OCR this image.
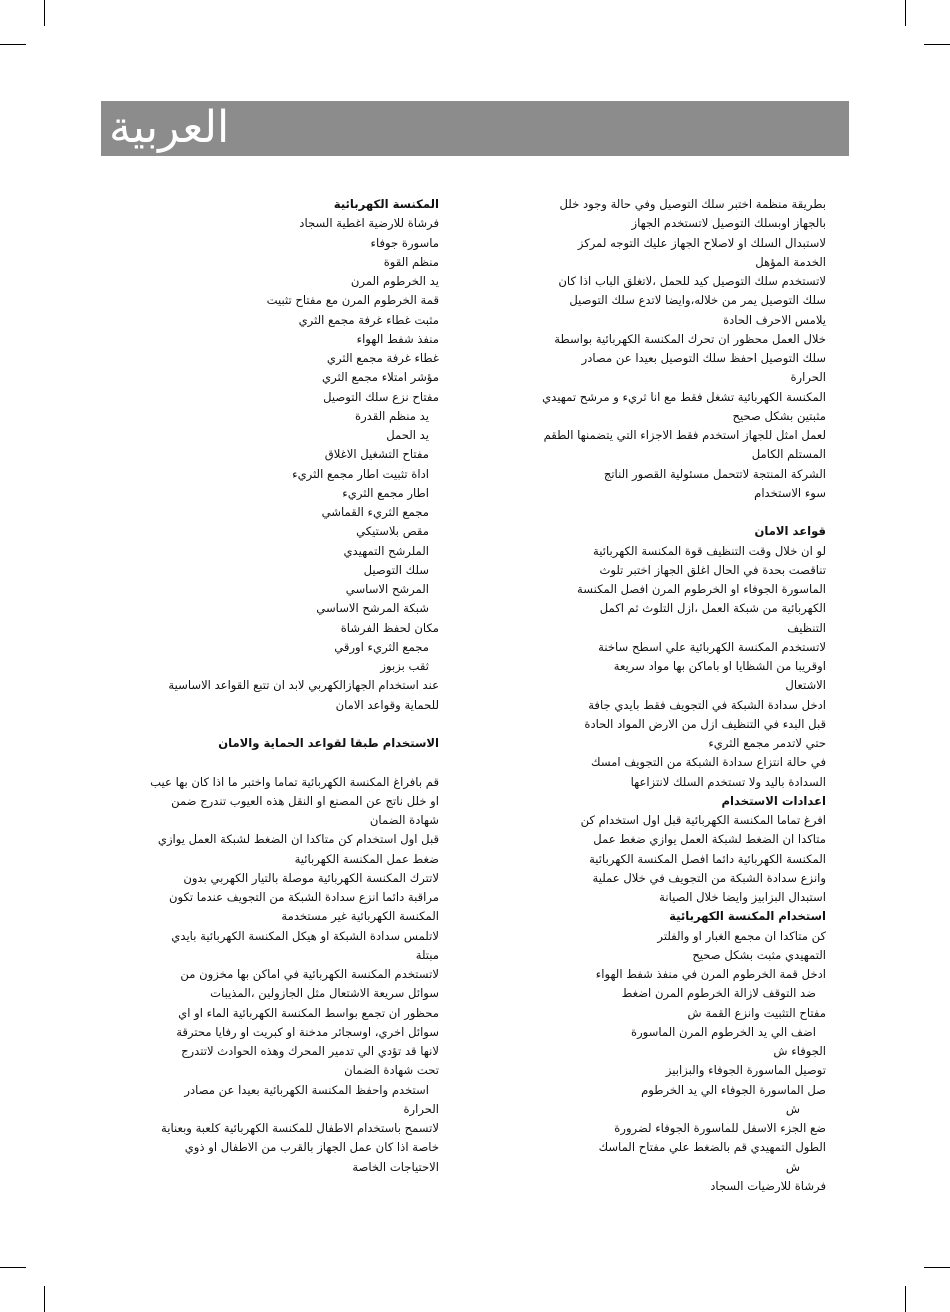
العربية

المكنسة الكهربائية

فرشاة للارضية اغطية السجاد

ماسورة جوفاء

منظم القوة

يد الخرطوم المرن

قمة الخرطوم المرن مع مفتاح تثبيت

مثبت غطاء غرفة مجمع الثري

منفذ شفط الهواء

غطاء غرفة مجمع الثري

مؤشر امتلاء مجمع الثري

مفتاح نزع سلك التوصيل

يد منظم القدرة

يد الحمل

مفتاح التشغيل الاغلاق

اداة تثبيت اطار مجمع الثريء

اطار مجمع الثريء

مجمع الثريء القماشي

مقص بلاستيكي

الملرشح التمهيدي

سلك التوصيل

المرشح الاساسي

شبكة المرشح الاساسي

مكان لحفظ الفرشاة

مجمع الثريء اورقي

ثقب بزبوز

عند استخدام الجهازالكهربي لابد ان تتبع القواعد الاساسية

للحماية وقواعد الامان

الاستخدام طبقا لقواعد الحماية والامان

قم بافراغ المكنسة الكهربائية تماما واختبر ما اذا كان بها عيب

او خلل ناتج عن المصنع او النقل هذه العيوب تندرج ضمن

شهادة الضمان

قبل اول استخدام كن متاكدا ان الضغط لشبكة العمل يوازي

ضغط عمل المكنسة الكهربائية

لاتترك المكنسة الكهربائية موصلة بالتيار الكهربي بدون

مراقبة دائما انزع سدادة الشبكة من التجويف عندما تكون

المكنسة الكهربائية غير مستخدمة

لاتلمس سدادة الشبكة او هيكل المكنسة الكهربائية بايدي

مبتلة

لاتستخدم المكنسة الكهربائية في اماكن بها مخزون من

سوائل سريعة الاشتعال مثل الجازولين ،المذيبات

محظور ان تجمع بواسط المكنسة الكهربائية الماء او اي

سوائل اخري، اوسجائر مدخنة او كبريت او رفايا محترقة

لانها قد تؤدي الي تدمير المحرك وهذه الحوادث لاتتدرج

تحت شهادة الضمان

استخدم واحفظ المكنسة الكهربائية بعيدا عن مصادر

الحرارة

لاتسمح باستخدام الاطفال للمكنسة الكهربائية كلعبة وبعناية

خاصة اذا كان عمل الجهاز بالقرب من الاطفال او ذوي

الاحتياجات الخاصة

بطريقة منظمة اختبر سلك التوصيل وفي حالة وجود خلل

بالجهاز اوبسلك التوصيل لاتستخدم الجهاز

لاستبدال السلك او لاصلاح الجهاز عليك التوجه لمركز

الخدمة المؤهل

لاتستخدم سلك التوصيل كيد للحمل ،لاتغلق الباب اذا كان

سلك التوصيل يمر من خلاله،وايضا لاتدع سلك التوصيل

يلامس الاحرف الحادة

خلال العمل محظور ان تحرك المكنسة الكهربائية بواسطة

سلك التوصيل احفظ سلك التوصيل بعيدا عن مصادر

الحرارة

المكنسة الكهربائية تشغل فقط مع انا ثريء و مرشح تمهيدي

مثبتين بشكل صحيح

لعمل امثل للجهاز استخدم فقط الاجزاء التي يتضمنها الطقم

المستلم الكامل

الشركة المنتجة لاتتحمل مسئولية القصور الناتج

سوء الاستخدام

قواعد الامان

لو ان خلال وقت التنظيف قوة المكنسة الكهربائية

تناقصت بحدة في الحال اغلق الجهاز اختبر تلوث

الماسورة الجوفاء او الخرطوم المرن افصل المكنسة

الكهربائية من شبكة العمل ،ازل التلوث ثم اكمل

التنظيف

لاتستخدم المكنسة الكهربائية علي اسطح ساخنة

اوقريبا من الشظايا او باماكن بها مواد سريعة

الاشتعال

ادخل سدادة الشبكة في التجويف فقط بايدي جافة

قبل البدء في التنظيف ازل من الارض المواد الحادة

حتي لاتدمر مجمع الثريء

في حالة انتزاع سدادة الشبكة من التجويف امسك

السدادة باليد ولا تستخدم السلك لانتزاعها

اعدادات الاستخدام

افرغ تماما المكنسة الكهربائية قبل اول استخدام كن

متاكدا ان الضغط لشبكة العمل يوازي ضغط عمل

المكنسة الكهربائية دائما افصل المكنسة الكهربائية

وانزع سدادة الشبكة من التجويف في خلال عملية

استبدال البزابيز وايضا خلال الصيانة

استخدام المكنسة الكهربائية

كن متاكدا ان مجمع الغبار او والفلتر

التمهيدي مثبت بشكل صحيح

ادخل قمة الخرطوم المرن في منفذ شفط الهواء

ضد التوقف لازالة الخرطوم المرن اضغط

مفتاح التثبيت وانزع القمة ش

اضف الي يد الخرطوم المرن الماسورة

الجوفاء ش

توصيل الماسورة الجوفاء والبزابيز

صل الماسورة الجوفاء الي يد الخرطوم

ش

ضع الجزء الاسفل للماسورة الجوفاء لضرورة

الطول التمهيدي قم بالضغط علي مفتاح الماسك

ش

فرشاة للارضيات السجاد
